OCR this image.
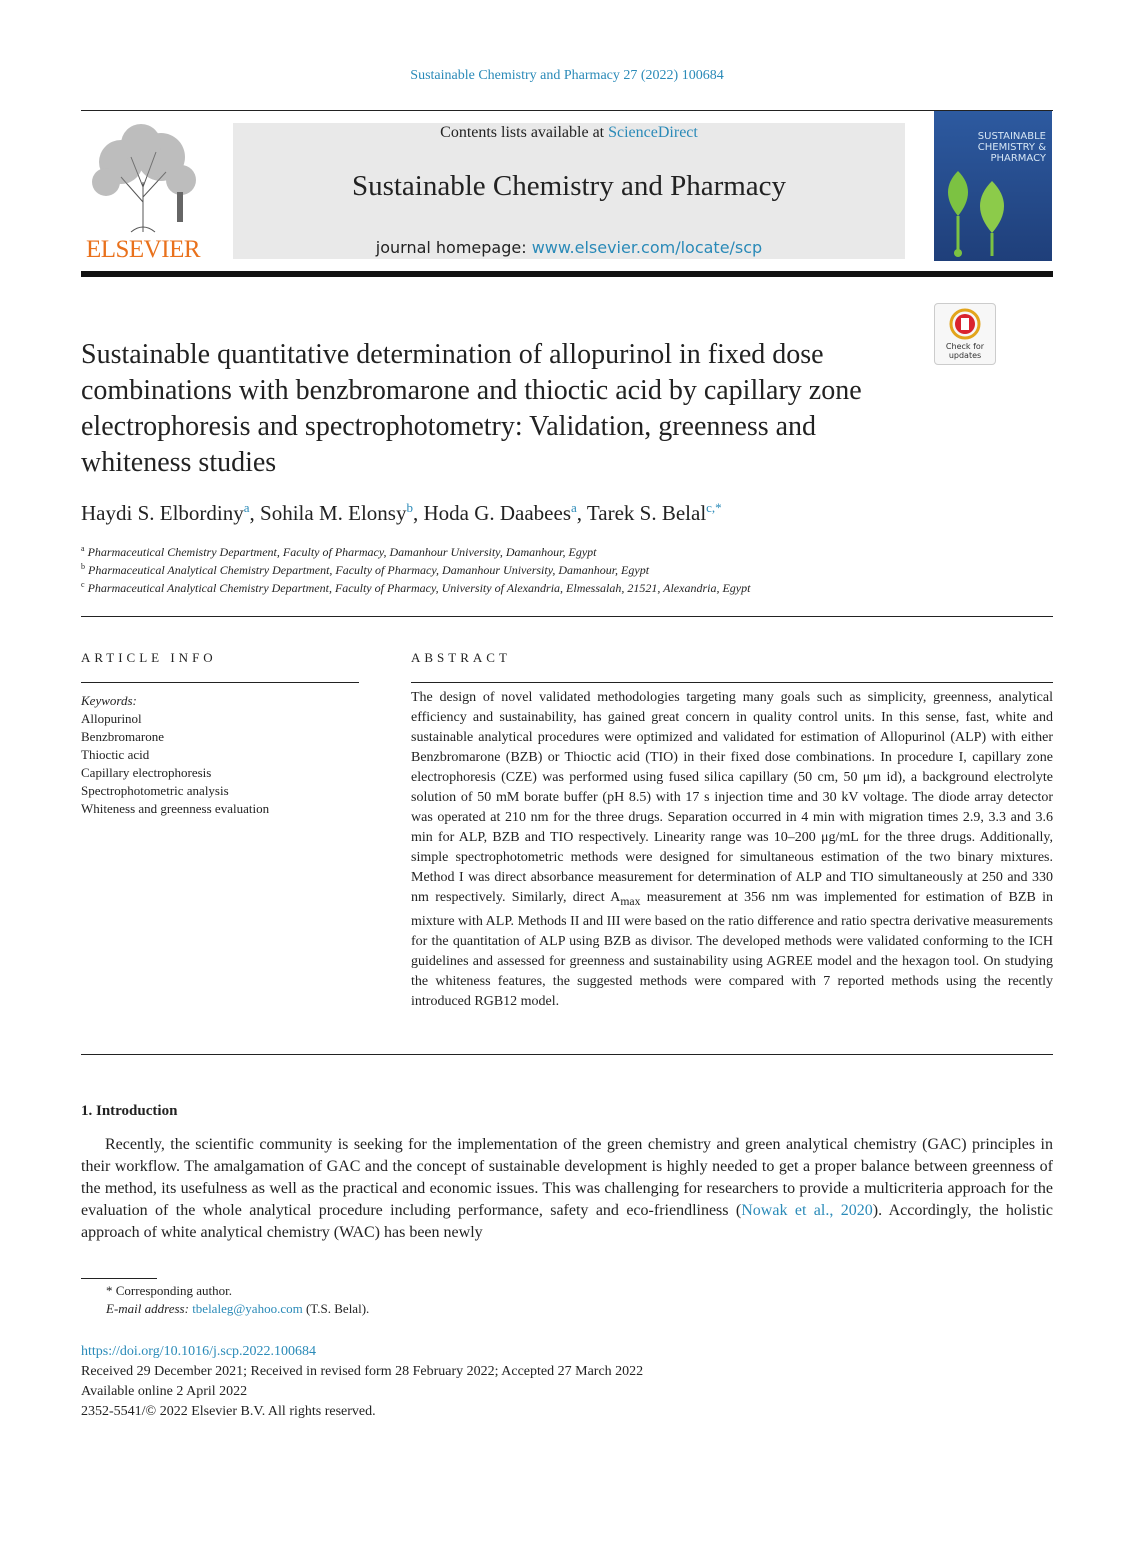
Sustainable Chemistry and Pharmacy 27 (2022) 100684
ELSEVIER
Contents lists available at ScienceDirect
Sustainable Chemistry and Pharmacy
journal homepage: www.elsevier.com/locate/scp
SUSTAINABLE CHEMISTRY & PHARMACY
Check for updates
Sustainable quantitative determination of allopurinol in fixed dose combinations with benzbromarone and thioctic acid by capillary zone electrophoresis and spectrophotometry: Validation, greenness and whiteness studies
Haydi S. Elbordiny$^a$, Sohila M. Elonsy$^b$, Hoda G. Daabees$^a$, Tarek S. Belal$^{c,*}$
$^a$ Pharmaceutical Chemistry Department, Faculty of Pharmacy, Damanhour University, Damanhour, Egypt
$^b$ Pharmaceutical Analytical Chemistry Department, Faculty of Pharmacy, Damanhour University, Damanhour, Egypt
$^c$ Pharmaceutical Analytical Chemistry Department, Faculty of Pharmacy, University of Alexandria, Elmessalah, 21521, Alexandria, Egypt
ARTICLE INFO
Keywords:
Allopurinol
Benzbromarone
Thioctic acid
Capillary electrophoresis
Spectrophotometric analysis
Whiteness and greenness evaluation
ABSTRACT
The design of novel validated methodologies targeting many goals such as simplicity, greenness, analytical efficiency and sustainability, has gained great concern in quality control units. In this sense, fast, white and sustainable analytical procedures were optimized and validated for estimation of Allopurinol (ALP) with either Benzbromarone (BZB) or Thioctic acid (TIO) in their fixed dose combinations. In procedure I, capillary zone electrophoresis (CZE) was performed using fused silica capillary (50 cm, 50 μm id), a background electrolyte solution of 50 mM borate buffer (pH 8.5) with 17 s injection time and 30 kV voltage. The diode array detector was operated at 210 nm for the three drugs. Separation occurred in 4 min with migration times 2.9, 3.3 and 3.6 min for ALP, BZB and TIO respectively. Linearity range was 10–200 μg/mL for the three drugs. Additionally, simple spectrophotometric methods were designed for simultaneous estimation of the two binary mixtures. Method I was direct absorbance measurement for determination of ALP and TIO simultaneously at 250 and 330 nm respectively. Similarly, direct $A_{max}$ measurement at 356 nm was implemented for estimation of BZB in mixture with ALP. Methods II and III were based on the ratio difference and ratio spectra derivative measurements for the quantitation of ALP using BZB as divisor. The developed methods were validated conforming to the ICH guidelines and assessed for greenness and sustainability using AGREE model and the hexagon tool. On studying the whiteness features, the suggested methods were compared with 7 reported methods using the recently introduced RGB12 model.
1. Introduction
Recently, the scientific community is seeking for the implementation of the green chemistry and green analytical chemistry (GAC) principles in their workflow. The amalgamation of GAC and the concept of sustainable development is highly needed to get a proper balance between greenness of the method, its usefulness as well as the practical and economic issues. This was challenging for researchers to provide a multicriteria approach for the evaluation of the whole analytical procedure including performance, safety and eco-friendliness (Nowak et al., 2020). Accordingly, the holistic approach of white analytical chemistry (WAC) has been newly
* Corresponding author.
E-mail address: tbelaleg@yahoo.com (T.S. Belal).
https://doi.org/10.1016/j.scp.2022.100684
Received 29 December 2021; Received in revised form 28 February 2022; Accepted 27 March 2022
Available online 2 April 2022
2352-5541/© 2022 Elsevier B.V. All rights reserved.
